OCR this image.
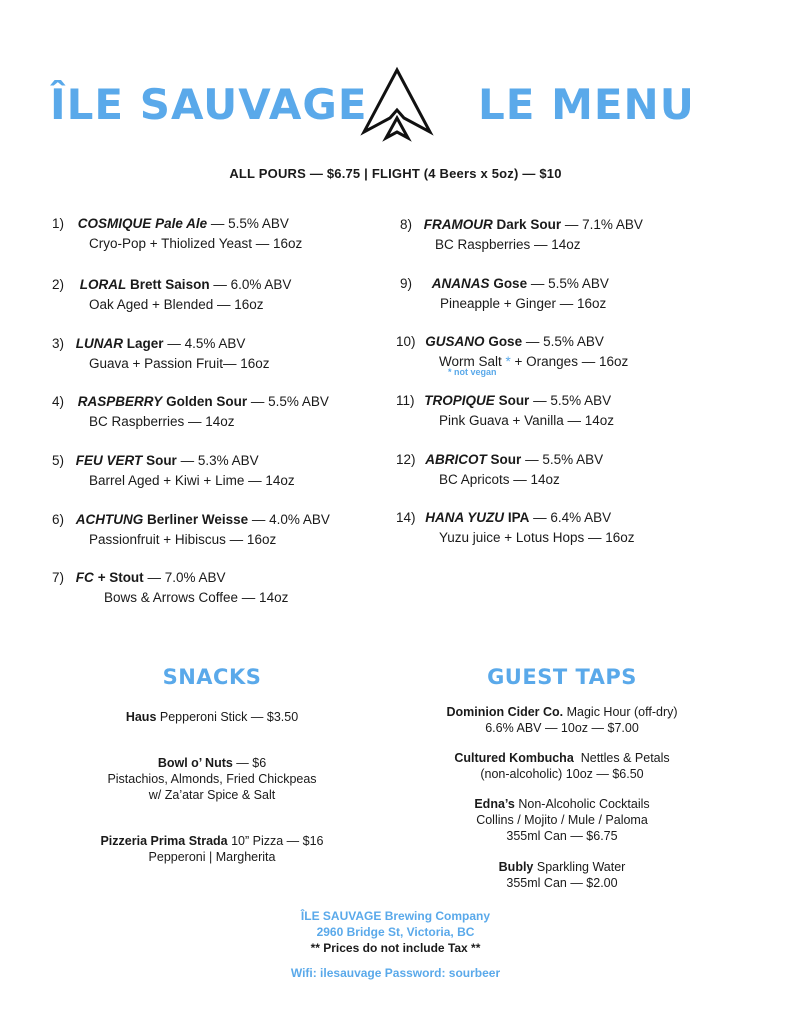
ÎLE SAUVAGE	LE MENU
ALL POURS — $6.75 | FLIGHT (4 Beers x 5oz) — $10
1) COSMIQUE Pale Ale — 5.5% ABV
Cryo-Pop + Thiolized Yeast — 16oz
2) LORAL Brett Saison — 6.0% ABV
Oak Aged + Blended — 16oz
3) LUNAR Lager — 4.5% ABV
Guava + Passion Fruit— 16oz
4) RASPBERRY Golden Sour — 5.5% ABV
BC Raspberries — 14oz
5) FEU VERT Sour — 5.3% ABV
Barrel Aged + Kiwi + Lime — 14oz
6) ACHTUNG Berliner Weisse — 4.0% ABV
Passionfruit + Hibiscus — 16oz
7) FC + Stout — 7.0% ABV
Bows & Arrows Coffee — 14oz
8) FRAMOUR Dark Sour — 7.1% ABV
BC Raspberries — 14oz
9) ANANAS Gose — 5.5% ABV
Pineapple + Ginger — 16oz
10) GUSANO Gose — 5.5% ABV
Worm Salt * + Oranges — 16oz
* not vegan
11) TROPIQUE Sour — 5.5% ABV
Pink Guava + Vanilla — 14oz
12) ABRICOT Sour — 5.5% ABV
BC Apricots — 14oz
14) HANA YUZU IPA — 6.4% ABV
Yuzu juice + Lotus Hops — 16oz
SNACKS
Haus Pepperoni Stick — $3.50
Bowl o’ Nuts — $6
Pistachios, Almonds, Fried Chickpeas
w/ Za’atar Spice & Salt
Pizzeria Prima Strada 10” Pizza — $16
Pepperoni | Margherita
GUEST TAPS
Dominion Cider Co. Magic Hour (off-dry)
6.6% ABV — 10oz — $7.00
Cultured Kombucha  Nettles & Petals
(non-alcoholic) 10oz — $6.50
Edna’s Non-Alcoholic Cocktails
Collins / Mojito / Mule / Paloma
355ml Can — $6.75
Bubly Sparkling Water
355ml Can — $2.00
ÎLE SAUVAGE Brewing Company
2960 Bridge St, Victoria, BC
** Prices do not include Tax **
Wifi: ilesauvage Password: sourbeer
